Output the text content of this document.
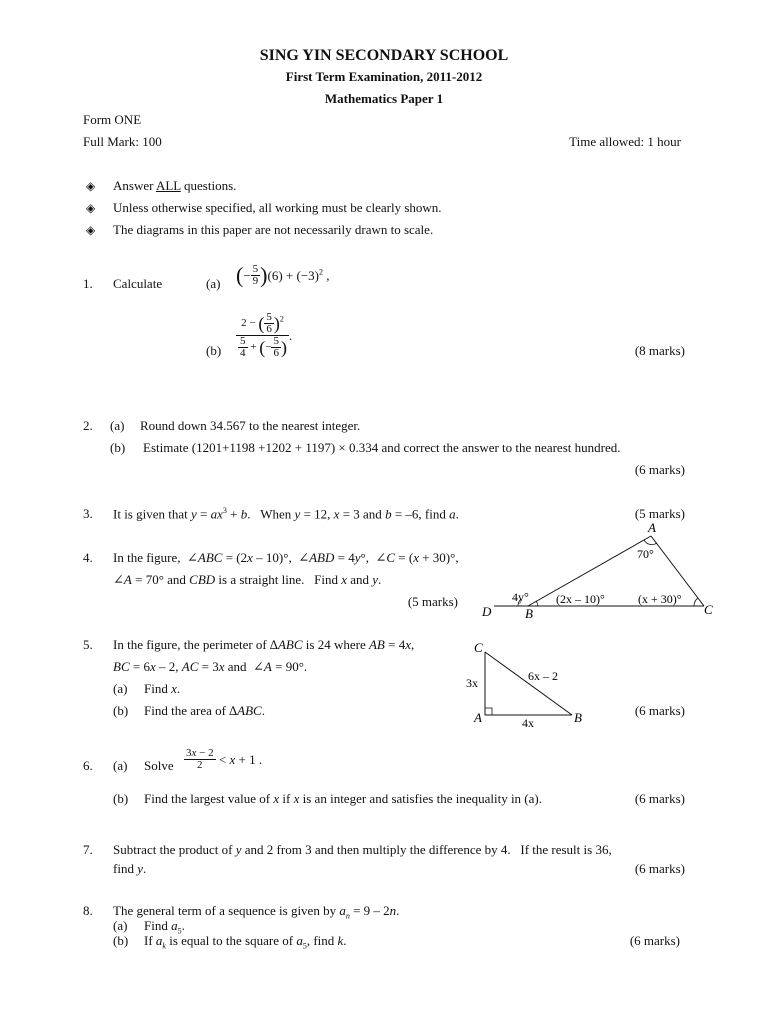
SING YIN SECONDARY SCHOOL
First Term Examination, 2011-2012
Mathematics Paper 1
Form ONE
Full Mark: 100	Time allowed: 1 hour
◈ Answer ALL questions.
◈ Unless otherwise specified, all working must be clearly shown.
◈ The diagrams in this paper are not necessarily drawn to scale.
1. Calculate	(a) (− $\frac{5}{9} )(6) + (-3)^2$ ,
$(b) \frac{2 - ( \frac{5}{6} )^2}{\frac{5}{4} + (- \frac{5}{6} )}$ .
(8 marks)
2. (a) Round down 34.567 to the nearest integer.
(b) Estimate (1201+1198 +1202 + 1197) × 0.334 and correct the answer to the nearest hundred.
(6 marks)
3. It is given that $y = ax^3 + b$.   When y = 12, x = 3 and b = –6, find a.	(5 marks)
4. In the figure,  ∠ABC = (2x – 10)°,  ∠ABD = 4y°,  ∠C = (x + 30)°,
∠A = 70° and CBD is a straight line.   Find x and y.
(5 marks)
A
D	B	C
70°
4y° (2x – 10)°	(x + 30)°
5. In the figure, the perimeter of ∆ABC is 24 where AB = 4x,
BC = 6x – 2, AC = 3x and  ∠A = 90°.
(a) Find x.
(b) Find the area of ∆ABC.	(6 marks)
C
A	B
3x
4x
6x – 2
6. (a) Solve $\frac{3x - 2}{2} < x + 1$ .
(b) Find the largest value of x if x is an integer and satisfies the inequality in (a).	(6 marks)
7. Subtract the product of y and 2 from 3 and then multiply the difference by 4.   If the result is 36,
find y.	(6 marks)
8. The general term of a sequence is given by $a_n = 9 - 2n$.
(a) Find $a_5$.
(b) If $a_k$ is equal to the square of $a_5$, find k.	(6 marks)
